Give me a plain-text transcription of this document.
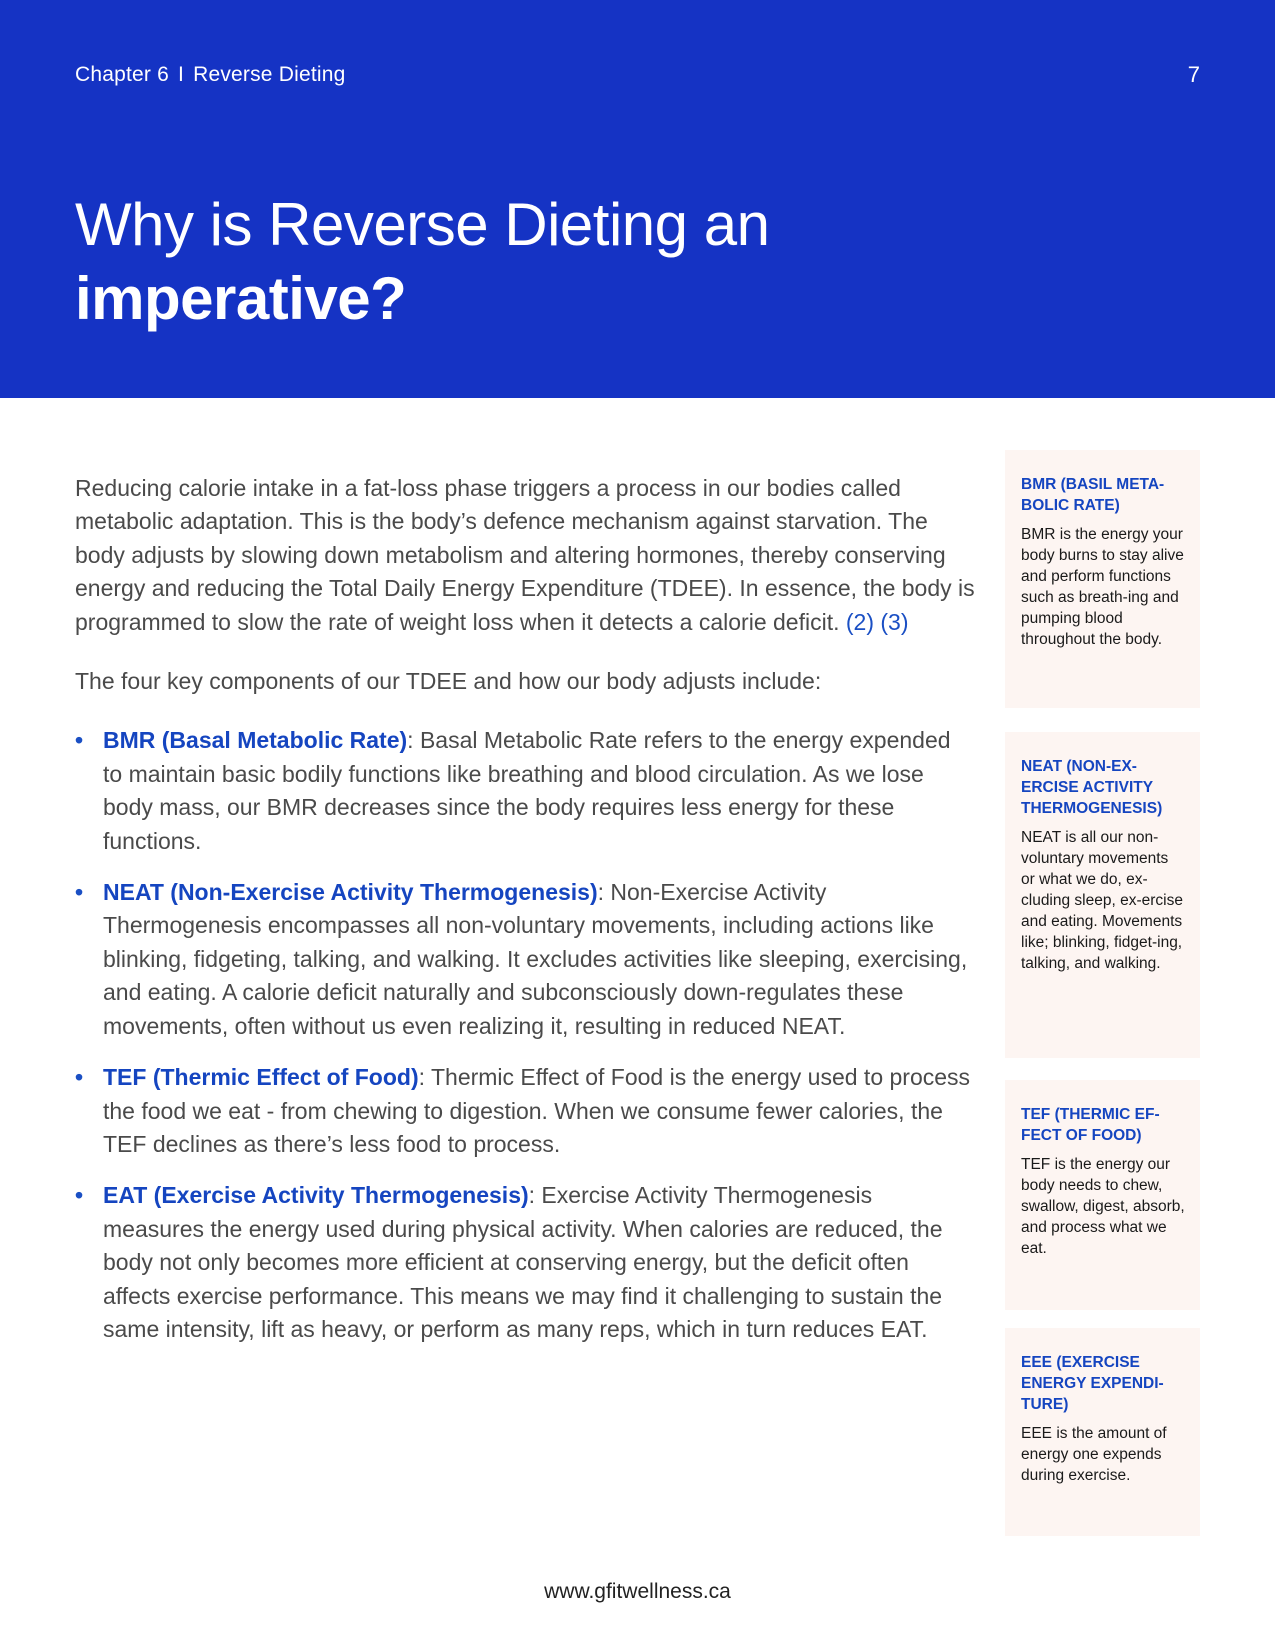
Chapter 6 I Reverse Dieting	7
Why is Reverse Dieting an
imperative?

Reducing calorie intake in a fat-loss phase triggers a process in our bodies called metabolic adaptation. This is the body’s defence mechanism against starvation. The body adjusts by slowing down metabolism and altering hormones, thereby conserving energy and reducing the Total Daily Energy Expenditure (TDEE). In essence, the body is programmed to slow the rate of weight loss when it detects a calorie deficit. (2) (3)

The four key components of our TDEE and how our body adjusts include:

• BMR (Basal Metabolic Rate): Basal Metabolic Rate refers to the energy expended to maintain basic bodily functions like breathing and blood circulation. As we lose body mass, our BMR decreases since the body requires less energy for these functions.
• NEAT (Non-Exercise Activity Thermogenesis): Non-Exercise Activity Thermogenesis encompasses all non-voluntary movements, including actions like blinking, fidgeting, talking, and walking. It excludes activities like sleeping, exercising, and eating. A calorie deficit naturally and subconsciously down-regulates these movements, often without us even realizing it, resulting in reduced NEAT.
• TEF (Thermic Effect of Food): Thermic Effect of Food is the energy used to process the food we eat - from chewing to digestion. When we consume fewer calories, the TEF declines as there’s less food to process.
• EAT (Exercise Activity Thermogenesis): Exercise Activity Thermogenesis measures the energy used during physical activity. When calories are reduced, the body not only becomes more efficient at conserving energy, but the deficit often affects exercise performance. This means we may find it challenging to sustain the same intensity, lift as heavy, or perform as many reps, which in turn reduces EAT.

BMR (BASIL META-BOLIC RATE)

BMR is the energy your body burns to stay alive and perform functions such as breath-ing and pumping blood throughout the body.

NEAT (NON-EX-ERCISE ACTIVITY THERMOGENESIS)

NEAT is all our non-voluntary movements or what we do, ex-cluding sleep, ex-ercise and eating. Movements like; blinking, fidget-ing, talking, and walking.

TEF (THERMIC EF-FECT OF FOOD)

TEF is the energy our body needs to chew, swallow, digest, absorb, and process what we eat.

EEE (EXERCISE ENERGY EXPENDI-TURE)

EEE is the amount of energy one expends during exercise.

www.gfitwellness.ca
